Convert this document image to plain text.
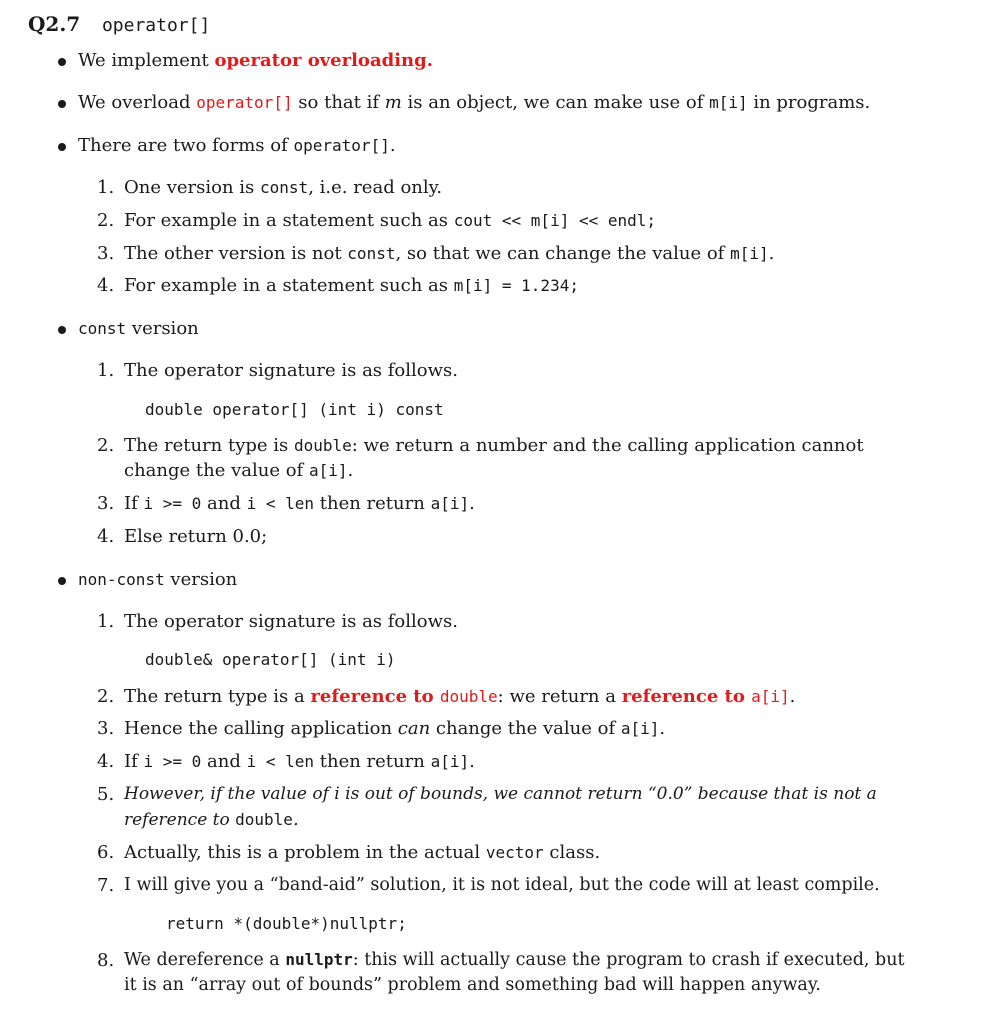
Q2.7 operator[]
We implement operator overloading.
We overload operator[] so that if m is an object, we can make use of m[i] in programs.
There are two forms of operator[].
1. One version is const, i.e. read only.
2. For example in a statement such as cout << m[i] << endl;
3. The other version is not const, so that we can change the value of m[i].
4. For example in a statement such as m[i] = 1.234;
const version
1. The operator signature is as follows.
double operator[] (int i) const
2. The return type is double: we return a number and the calling application cannot
change the value of a[i].
3. If i >= 0 and i < len then return a[i].
4. Else return 0.0;
non-const version
1. The operator signature is as follows.
double& operator[] (int i)
2. The return type is a reference to double: we return a reference to a[i].
3. Hence the calling application can change the value of a[i].
4. If i >= 0 and i < len then return a[i].
5. However, if the value of i is out of bounds, we cannot return “0.0” because that is not a
reference to double.
6. Actually, this is a problem in the actual vector class.
7. I will give you a “band-aid” solution, it is not ideal, but the code will at least compile.
return *(double*)nullptr;
8. We dereference a nullptr: this will actually cause the program to crash if executed, but
it is an “array out of bounds” problem and something bad will happen anyway.
